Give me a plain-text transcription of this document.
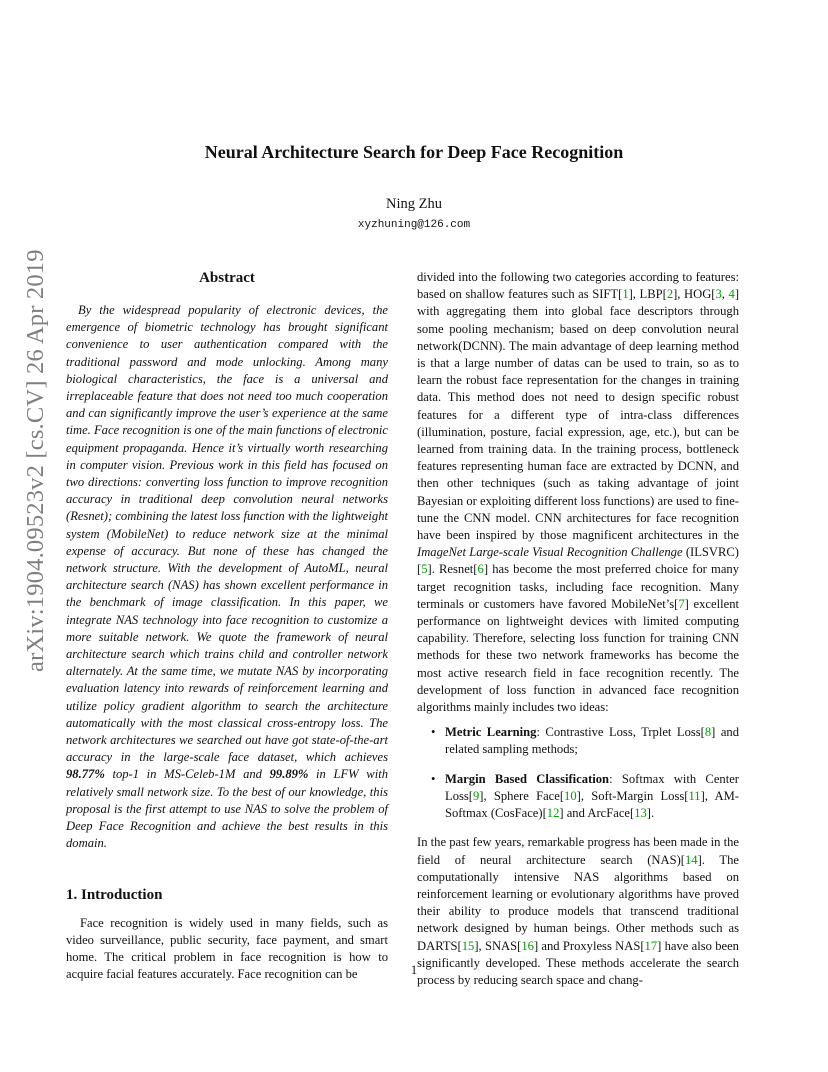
Neural Architecture Search for Deep Face Recognition
Ning Zhu
xyzhuning@126.com
arXiv:1904.09523v2 [cs.CV] 26 Apr 2019	Abstract

By the widespread popularity of electronic devices, the emergence of biometric technology has brought significant convenience to user authentication compared with the traditional password and mode unlocking. Among many biological characteristics, the face is a universal and irreplaceable feature that does not need too much cooperation and can significantly improve the user’s experience at the same time. Face recognition is one of the main functions of electronic equipment propaganda. Hence it’s virtually worth researching in computer vision. Previous work in this field has focused on two directions: converting loss function to improve recognition accuracy in traditional deep convolution neural networks (Resnet); combining the latest loss function with the lightweight system (MobileNet) to reduce network size at the minimal expense of accuracy. But none of these has changed the network structure. With the development of AutoML, neural architecture search (NAS) has shown excellent performance in the benchmark of image classification. In this paper, we integrate NAS technology into face recognition to customize a more suitable network. We quote the framework of neural architecture search which trains child and controller network alternately. At the same time, we mutate NAS by incorporating evaluation latency into rewards of reinforcement learning and utilize policy gradient algorithm to search the architecture automatically with the most classical cross-entropy loss. The network architectures we searched out have got state-of-the-art accuracy in the large-scale face dataset, which achieves 98.77% top-1 in MS-Celeb-1M and 99.89% in LFW with relatively small network size. To the best of our knowledge, this proposal is the first attempt to use NAS to solve the problem of Deep Face Recognition and achieve the best results in this domain.

1. Introduction

Face recognition is widely used in many fields, such as video surveillance, public security, face payment, and smart home. The critical problem in face recognition is how to acquire facial features accurately. Face recognition can be

divided into the following two categories according to features: based on shallow features such as SIFT[1], LBP[2], HOG[3, 4] with aggregating them into global face descriptors through some pooling mechanism; based on deep convolution neural network(DCNN). The main advantage of deep learning method is that a large number of datas can be used to train, so as to learn the robust face representation for the changes in training data. This method does not need to design specific robust features for a different type of intra-class differences (illumination, posture, facial expression, age, etc.), but can be learned from training data. In the training process, bottleneck features representing human face are extracted by DCNN, and then other techniques (such as taking advantage of joint Bayesian or exploiting different loss functions) are used to fine-tune the CNN model. CNN architectures for face recognition have been inspired by those magnificent architectures in the ImageNet Large-scale Visual Recognition Challenge (ILSVRC)[5]. Resnet[6] has become the most preferred choice for many target recognition tasks, including face recognition. Many terminals or customers have favored MobileNet’s[7] excellent performance on lightweight devices with limited computing capability. Therefore, selecting loss function for training CNN methods for these two network frameworks has become the most active research field in face recognition recently. The development of loss function in advanced face recognition algorithms mainly includes two ideas:

• Metric Learning: Contrastive Loss, Trplet Loss[8] and related sampling methods;
• Margin Based Classification: Softmax with Center Loss[9], Sphere Face[10], Soft-Margin Loss[11], AM-Softmax (CosFace)[12] and ArcFace[13].

In the past few years, remarkable progress has been made in the field of neural architecture search (NAS)[14]. The computationally intensive NAS algorithms based on reinforcement learning or evolutionary algorithms have proved their ability to produce models that transcend traditional network designed by human beings. Other methods such as DARTS[15], SNAS[16] and Proxyless NAS[17] have also been significantly developed. These methods accelerate the search process by reducing search space and chang-

1
